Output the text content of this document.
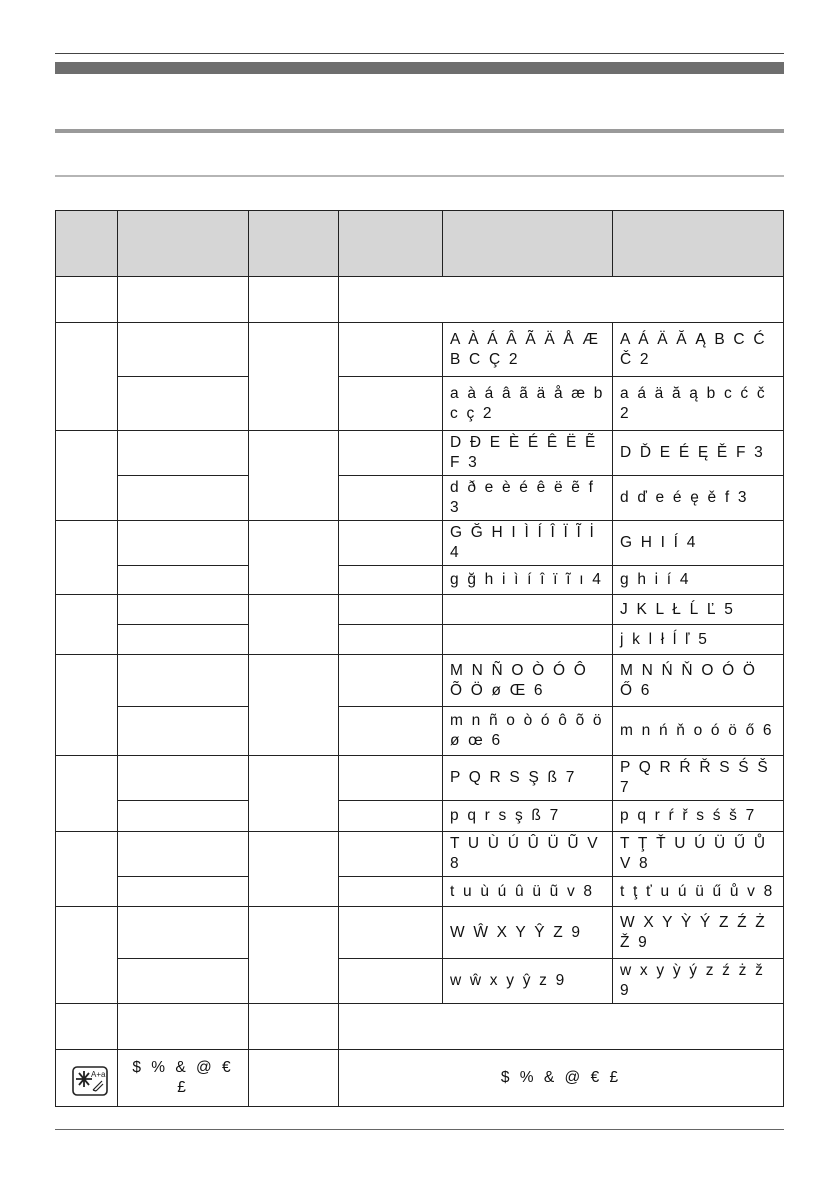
				A À Á Â Ã Ä Å Æ B C Ç 2	A Á Ä Ă Ą B C Ć Č 2
				a à á â ã ä å æ b c ç 2	a á ä ă ą b c ć č 2
				D Đ E È É Ê Ë Ẽ F 3	D Ď E É Ę Ě F 3
				d ð e è é ê ë ẽ f 3	d ď e é ę ě f 3
				G Ğ H I Ì Í Î Ï Ĩ İ 4	G H I Í 4
				g ğ h i ì í î ï ĩ ı 4	g h i í 4
					J K L Ł Ĺ Ľ 5
					j k l ł ĺ ľ 5
				M N Ñ O Ò Ó Ô Õ Ö ø Œ 6	M N Ń Ň O Ó Ö Ő 6
				m n ñ o ò ó ô õ ö ø œ 6	m n ń ň o ó ö ő 6
				P Q R S Ş ß 7	P Q R Ŕ Ř S Ś Š 7
				p q r s ş ß 7	p q r ŕ ř s ś š 7
				T U Ù Ú Û Ü Ũ V 8	T Ţ Ť U Ú Ü Ű Ů V 8
				t u ù ú û ü ũ v 8	t ţ ť u ú ü ű ů v 8
				W Ŵ X Y Ŷ Z 9	W X Y Ỳ Ý Z Ź Ż Ž 9
				w ŵ x y ŷ z 9	w x y ỳ ý z ź ż ž 9

	$ % & @ € £		$ % & @ € £		
A+a
